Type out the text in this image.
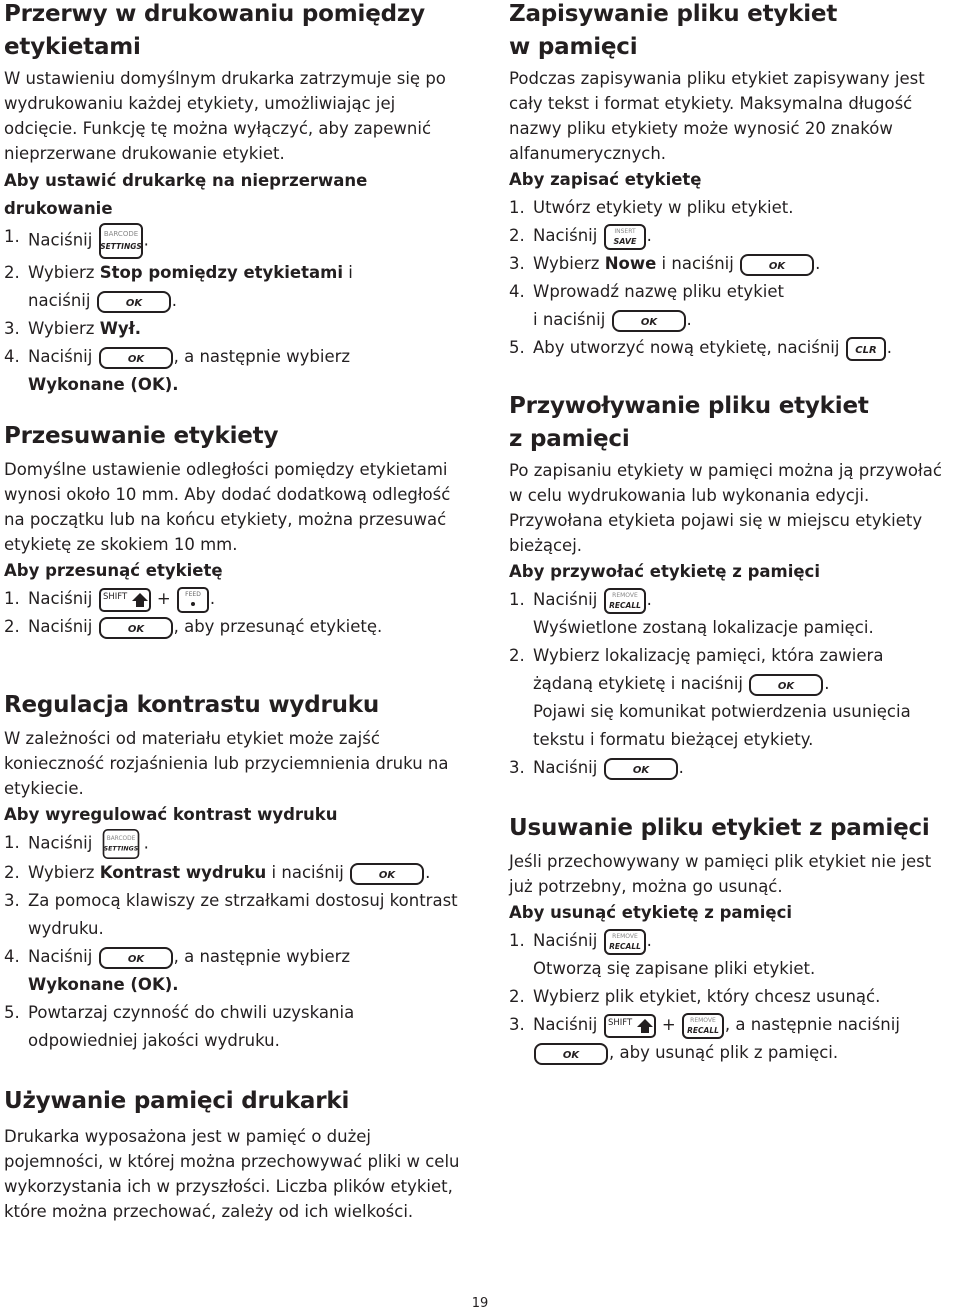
Przerwy w drukowaniu pomiędzy etykietami

W ustawieniu domyślnym drukarka zatrzymuje się po wydrukowaniu każdej etykiety, umożliwiając jej odcięcie. Funkcję tę można wyłączyć, aby zapewnić nieprzerwane drukowanie etykiet.

Aby ustawić drukarkę na nieprzerwane drukowanie
1. Naciśnij BARCODE
SETTINGS .
2. Wybierz Stop pomiędzy etykietami i
naciśnij	OK .
3. Wybierz Wył.
4. Naciśnij	OK , a następnie wybierz
Wykonane (OK).
Przesuwanie etykiety

Domyślne ustawienie odległości pomiędzy etykietami wynosi około 10 mm. Aby dodać dodatkową odległość na początku lub na końcu etykiety, można przesuwać etykietę ze skokiem 10 mm.

Aby przesunąć etykietę
1. Naciśnij SHIFT + FEED .
2. Naciśnij	OK , aby przesunąć etykietę.
Regulacja kontrastu wydruku

W zależności od materiału etykiet może zajść konieczność rozjaśnienia lub przyciemnienia druku na etykiecie.

Aby wyregulować kontrast wydruku
1. Naciśnij BARCODE
SETTINGS .
2. Wybierz Kontrast wydruku i naciśnij	OK .
3. Za pomocą klawiszy ze strzałkami dostosuj kontrast wydruku.
4. Naciśnij	OK , a następnie wybierz
Wykonane (OK).
5. Powtarzaj czynność do chwili uzyskania odpowiedniej jakości wydruku.
Używanie pamięci drukarki

Drukarka wyposażona jest w pamięć o dużej pojemności, w której można przechowywać pliki w celu wykorzystania ich w przyszłości. Liczba plików etykiet, które można przechować, zależy od ich wielkości.

Zapisywanie pliku etykiet
w pamięci

Podczas zapisywania pliku etykiet zapisywany jest cały tekst i format etykiety. Maksymalna długość nazwy pliku etykiety może wynosić 20 znaków alfanumerycznych.

Aby zapisać etykietę
1. Utwórz etykiety w pliku etykiet.
2. Naciśnij	INSERT
SAVE .
3. Wybierz Nowe i naciśnij	OK .
4. Wprowadź nazwę pliku etykiet
i naciśnij	OK .
5. Aby utworzyć nową etykietę, naciśnij CLR .
Przywoływanie pliku etykiet
z pamięci

Po zapisaniu etykiety w pamięci można ją przywołać w celu wydrukowania lub wykonania edycji. Przywołana etykieta pojawi się w miejscu etykiety bieżącej.

Aby przywołać etykietę z pamięci
1. Naciśnij REMOVE
RECALL .
Wyświetlone zostaną lokalizacje pamięci.
2. Wybierz lokalizację pamięci, która zawiera
żądaną etykietę i naciśnij	OK .
Pojawi się komunikat potwierdzenia usunięcia tekstu i formatu bieżącej etykiety.
3. Naciśnij	OK .
Usuwanie pliku etykiet z pamięci

Jeśli przechowywany w pamięci plik etykiet nie jest już potrzebny, można go usunąć.

Aby usunąć etykietę z pamięci
1. Naciśnij REMOVE
RECALL .
Otworzą się zapisane pliki etykiet.
2. Wybierz plik etykiet, który chcesz usunąć.
3. Naciśnij SHIFT + REMOVE
RECALL , a następnie naciśnij
OK , aby usunąć plik z pamięci.
19
